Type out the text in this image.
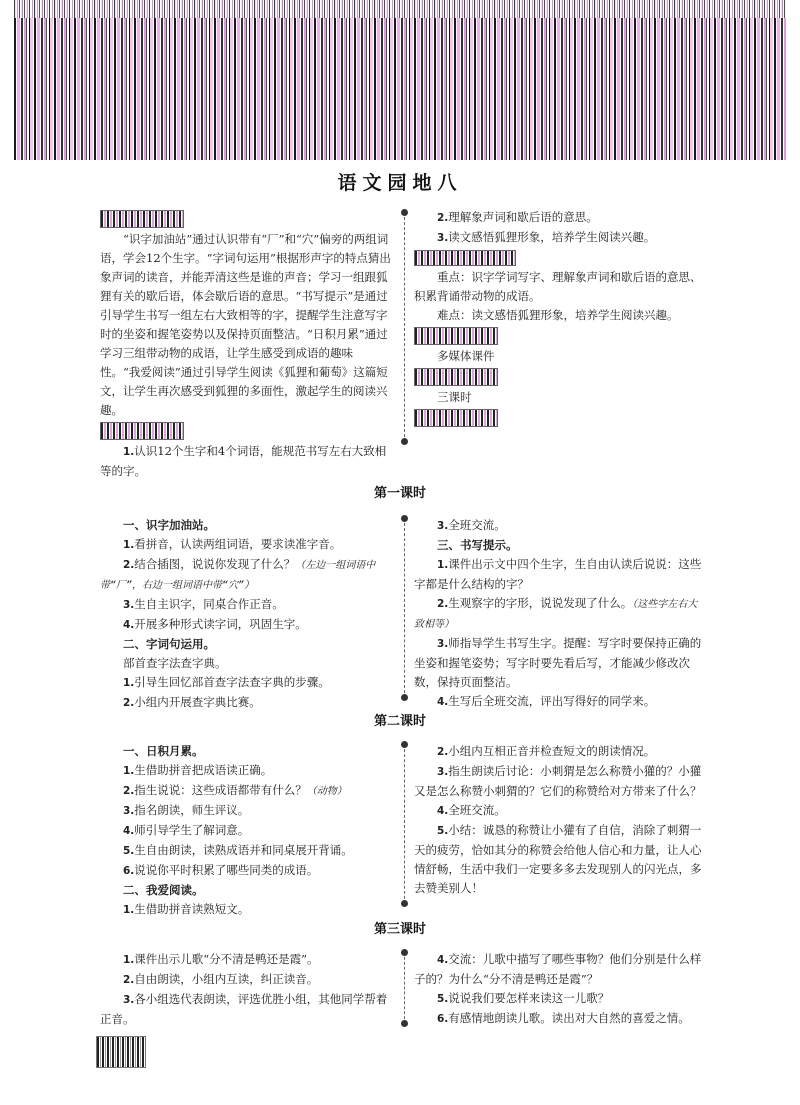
语文园地八

“识字加油站”通过认识带有“厂”和“穴”偏旁的两组词语，学会12个生字。“字词句运用”根据形声字的特点猜出象声词的读音，并能弄清这些是谁的声音；学习一组跟狐狸有关的歇后语，体会歇后语的意思。“书写提示”是通过引导学生书写一组左右大致相等的字，提醒学生注意写字时的坐姿和握笔姿势以及保持页面整洁。“日积月累”通过学习三组带动物的成语，让学生感受到成语的趣味性。“我爱阅读”通过引导学生阅读《狐狸和葡萄》这篇短文，让学生再次感受到狐狸的多面性，激起学生的阅读兴趣。

1.认识12个生字和4个词语，能规范书写左右大致相等的字。

2.理解象声词和歇后语的意思。

3.读文感悟狐狸形象，培养学生阅读兴趣。

重点：识字学词写字、理解象声词和歇后语的意思、积累背诵带动物的成语。

难点：读文感悟狐狸形象，培养学生阅读兴趣。

多媒体课件

三课时

第一课时

一、识字加油站。

1.看拼音，认读两组词语，要求读准字音。

2.结合插图，说说你发现了什么？（左边一组词语中带“厂”，右边一组词语中带“穴”）

3.生自主识字，同桌合作正音。

4.开展多种形式读字词，巩固生字。

二、字词句运用。

部首查字法查字典。

1.引导生回忆部首查字法查字典的步骤。

2.小组内开展查字典比赛。

3.全班交流。

三、书写提示。

1.课件出示文中四个生字，生自由认读后说说：这些字都是什么结构的字？

2.生观察字的字形，说说发现了什么。（这些字左右大致相等）

3.师指导学生书写生字。提醒：写字时要保持正确的坐姿和握笔姿势；写字时要先看后写，才能减少修改次数，保持页面整洁。

4.生写后全班交流，评出写得好的同学来。

第二课时

一、日积月累。

1.生借助拼音把成语读正确。

2.指生说说：这些成语都带有什么？（动物）

3.指名朗读，师生评议。

4.师引导学生了解词意。

5.生自由朗读，读熟成语并和同桌展开背诵。

6.说说你平时积累了哪些同类的成语。

二、我爱阅读。

1.生借助拼音读熟短文。

2.小组内互相正音并检查短文的朗读情况。

3.指生朗读后讨论：小刺猬是怎么称赞小獾的？小獾又是怎么称赞小刺猬的？它们的称赞给对方带来了什么？

4.全班交流。

5.小结：诚恳的称赞让小獾有了自信，消除了刺猬一天的疲劳，恰如其分的称赞会给他人信心和力量，让人心情舒畅，生活中我们一定要多多去发现别人的闪光点，多去赞美别人！

第三课时

1.课件出示儿歌“分不清是鸭还是霞”。

2.自由朗读，小组内互读，纠正读音。

3.各小组选代表朗读，评选优胜小组，其他同学帮着正音。

4.交流：儿歌中描写了哪些事物？他们分别是什么样子的？为什么“分不清是鸭还是霞”？

5.说说我们要怎样来读这一儿歌？

6.有感情地朗读儿歌。读出对大自然的喜爱之情。
